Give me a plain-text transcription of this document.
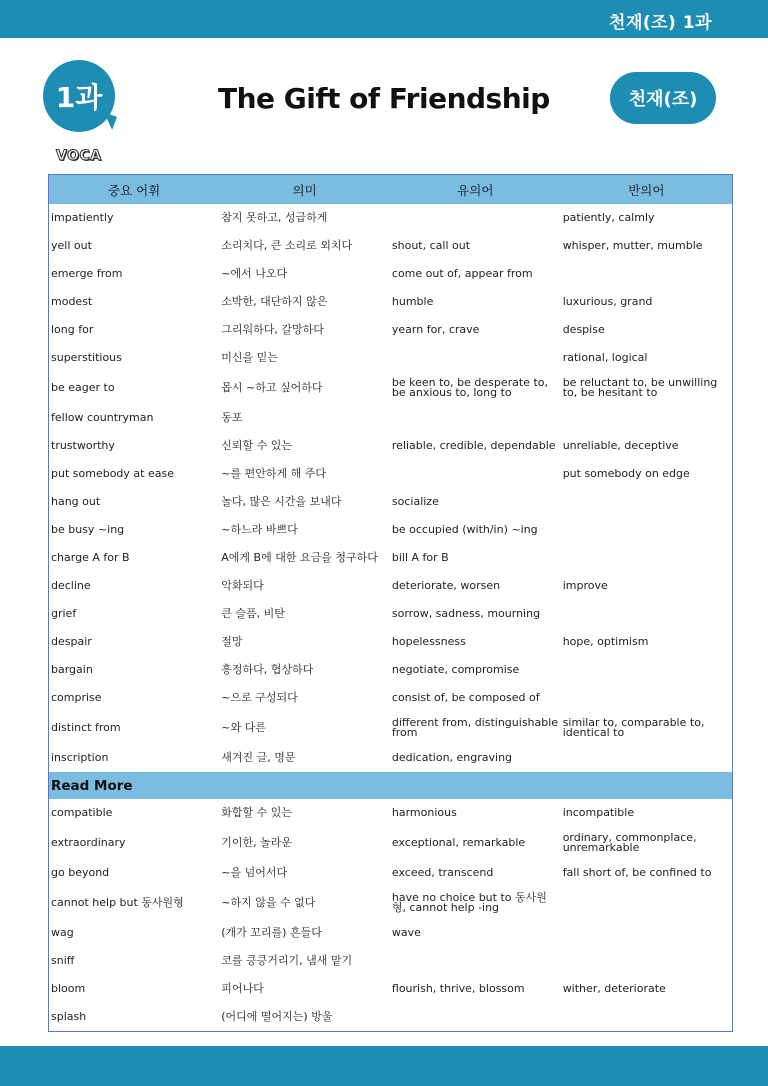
천재(조) 1과
1과	The Gift of Friendship	천재(조)
VOCA
중요 어휘	의미	유의어	반의어
impatiently	참지 못하고, 성급하게		patiently, calmly
yell out	소리치다, 큰 소리로 외치다	shout, call out	whisper, mutter, mumble
emerge from	~에서 나오다	come out of, appear from	
modest	소박한, 대단하지 않은	humble	luxurious, grand
long for	그리워하다, 갈망하다	yearn for, crave	despise
superstitious	미신을 믿는		rational, logical
be eager to	몹시 ~하고 싶어하다	be keen to, be desperate to, be anxious to, long to	be reluctant to, be unwilling to, be hesitant to
fellow countryman	동포		
trustworthy	신뢰할 수 있는	reliable, credible, dependable	unreliable, deceptive
put somebody at ease	~를 편안하게 해 주다		put somebody on edge
hang out	놀다, 많은 시간을 보내다	socialize	
be busy ~ing	~하느라 바쁘다	be occupied (with/in) ~ing	
charge A for B	A에게 B에 대한 요금을 청구하다	bill A for B	
decline	악화되다	deteriorate, worsen	improve
grief	큰 슬픔, 비탄	sorrow, sadness, mourning	
despair	절망	hopelessness	hope, optimism
bargain	흥정하다, 협상하다	negotiate, compromise	
comprise	~으로 구성되다	consist of, be composed of	
distinct from	~와 다른	different from, distinguishable from	similar to, comparable to, identical to
inscription	새겨진 글, 명문	dedication, engraving	
Read More			
compatible	화합할 수 있는	harmonious	incompatible
extraordinary	기이한, 놀라운	exceptional, remarkable	ordinary, commonplace, unremarkable
go beyond	~을 넘어서다	exceed, transcend	fall short of, be confined to
cannot help but 동사원형	~하지 않을 수 없다	have no choice but to 동사원형, cannot help -ing	
wag	(개가 꼬리를) 흔들다	wave	
sniff	코를 킁킁거리기, 냄새 맡기		
bloom	피어나다	flourish, thrive, blossom	wither, deteriorate
splash	(어디에 떨어지는) 방울		
